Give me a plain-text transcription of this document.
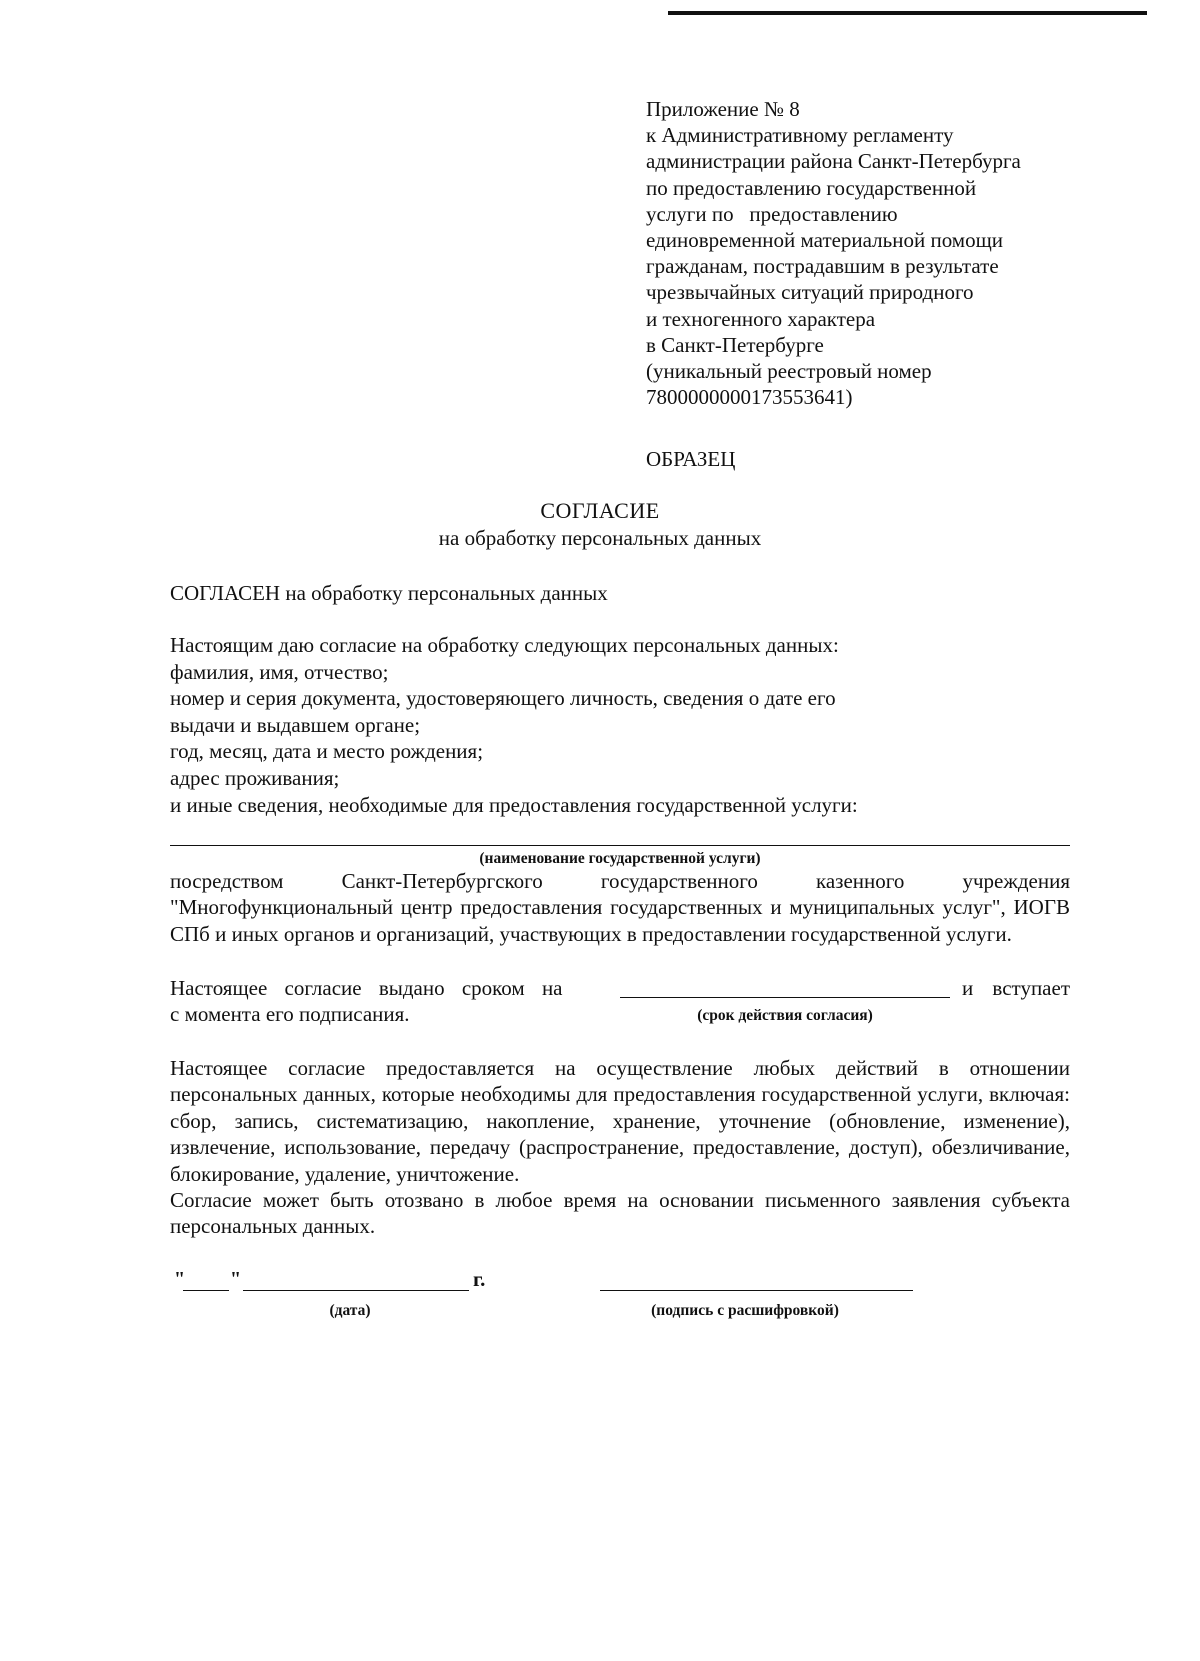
Приложение № 8
к Административному регламенту
администрации района Санкт-Петербурга
по предоставлению государственной
услуги по   предоставлению
единовременной материальной помощи
гражданам, пострадавшим в результате
чрезвычайных ситуаций природного
и техногенного характера
в Санкт-Петербурге
(уникальный реестровый номер
7800000000173553641)
ОБРАЗЕЦ
СОГЛАСИЕ
на обработку персональных данных
СОГЛАСЕН на обработку персональных данных
Настоящим даю согласие на обработку следующих персональных данных:
фамилия, имя, отчество;
номер и серия документа, удостоверяющего личность, сведения о дате его
выдачи и выдавшем органе;
год, месяц, дата и место рождения;
адрес проживания;
и иные сведения, необходимые для предоставления государственной услуги:
(наименование государственной услуги)
посредством Санкт-Петербургского государственного казенного учреждения "Многофункциональный центр предоставления государственных и муниципальных услуг", ИОГВ СПб и иных органов и организаций, участвующих в предоставлении государственной услуги.
Настоящее согласие выдано сроком на	и вступает
с момента его подписания.	(срок действия согласия)
Настоящее согласие предоставляется на осуществление любых действий в отношении персональных данных, которые необходимы для предоставления государственной услуги, включая: сбор, запись, систематизацию, накопление, хранение, уточнение (обновление, изменение), извлечение, использование, передачу (распространение, предоставление, доступ), обезличивание, блокирование, удаление, уничтожение.
Согласие может быть отозвано в любое время на основании письменного заявления субъекта персональных данных.
" "	г.
(дата)	(подпись с расшифровкой)
